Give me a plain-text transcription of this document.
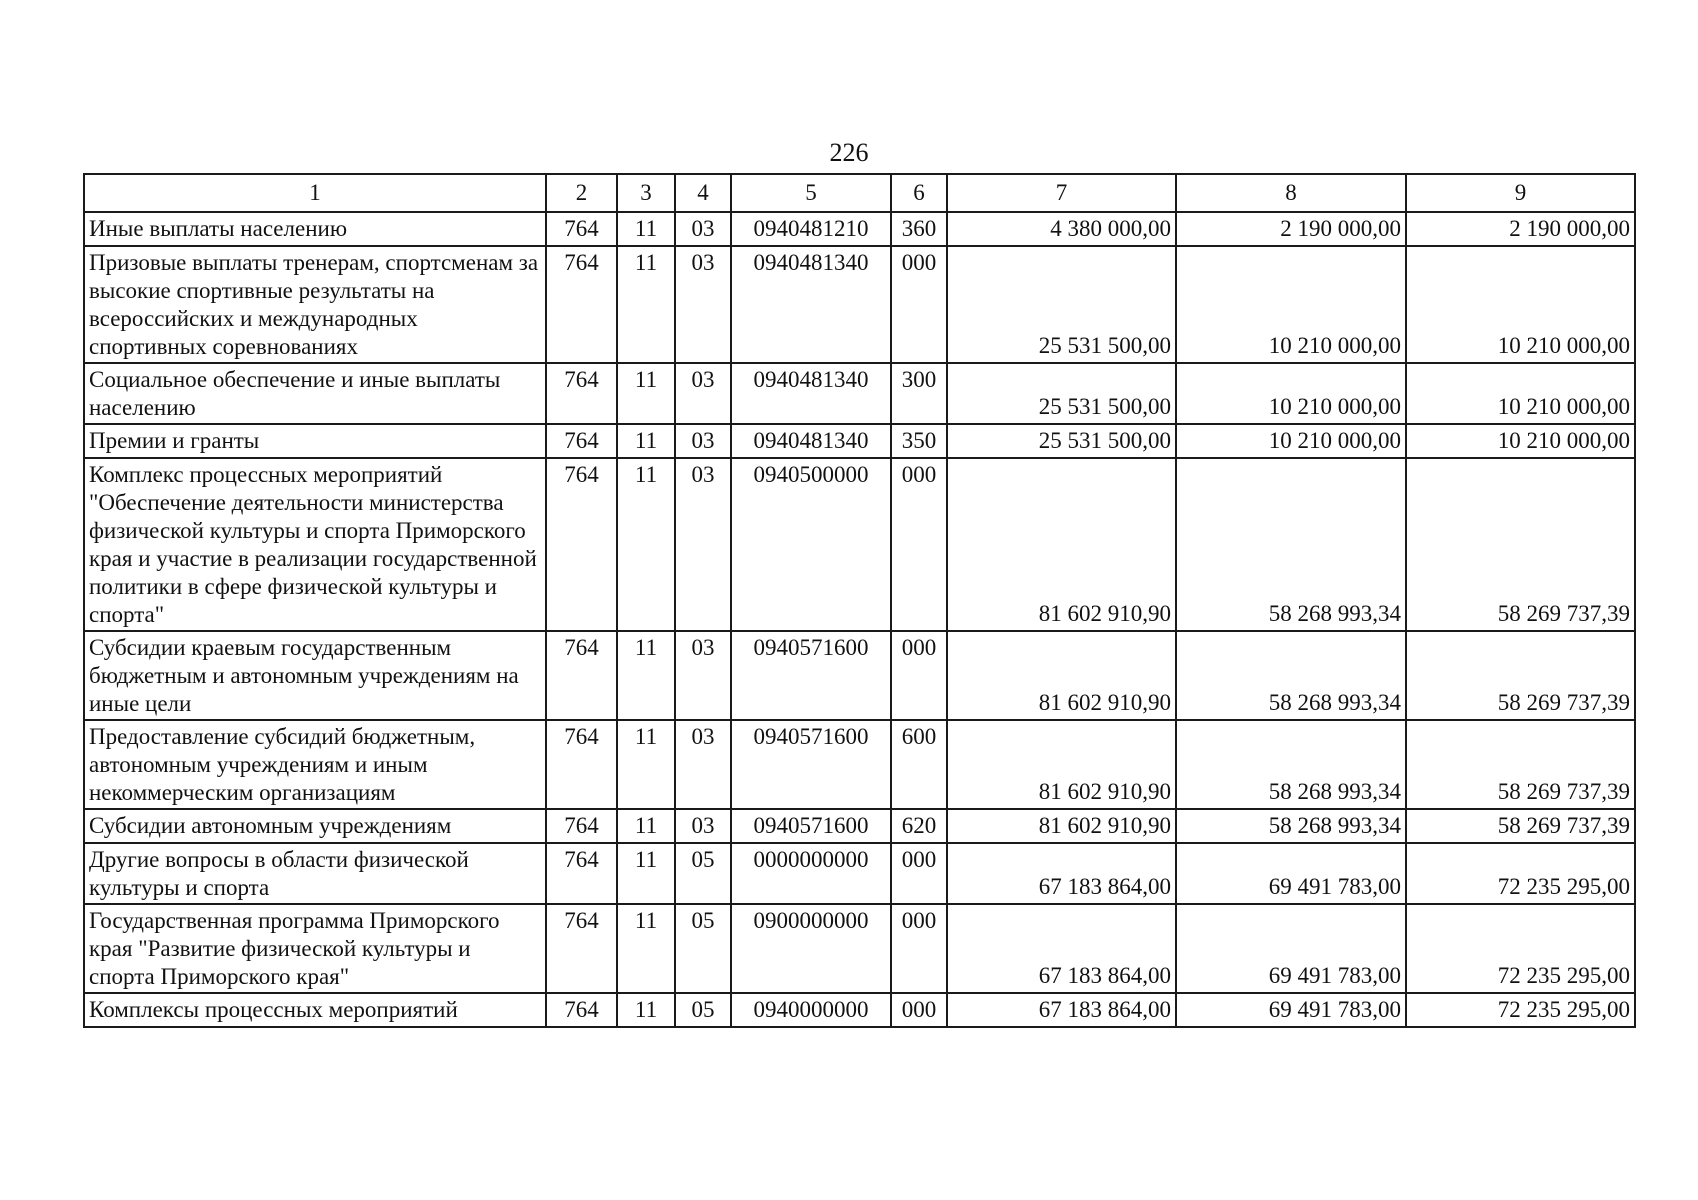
226
1	2	3	4	5	6	7	8	9
Иные выплаты населению	764	11	03	0940481210	360	4 380 000,00	2 190 000,00	2 190 000,00
Призовые выплаты тренерам, спортсменам за высокие спортивные результаты на всероссийских и международных спортивных соревнованиях	764	11	03	0940481340	000	25 531 500,00	10 210 000,00	10 210 000,00
Социальное обеспечение и иные выплаты населению	764	11	03	0940481340	300	25 531 500,00	10 210 000,00	10 210 000,00
Премии и гранты	764	11	03	0940481340	350	25 531 500,00	10 210 000,00	10 210 000,00
Комплекс процессных мероприятий "Обеспечение деятельности министерства физической культуры и спорта Приморского края и участие в реализации государственной политики в сфере физической культуры и спорта"	764	11	03	0940500000	000	81 602 910,90	58 268 993,34	58 269 737,39
Субсидии краевым государственным бюджетным и автономным учреждениям на иные цели	764	11	03	0940571600	000	81 602 910,90	58 268 993,34	58 269 737,39
Предоставление субсидий бюджетным, автономным учреждениям и иным некоммерческим организациям	764	11	03	0940571600	600	81 602 910,90	58 268 993,34	58 269 737,39
Субсидии автономным учреждениям	764	11	03	0940571600	620	81 602 910,90	58 268 993,34	58 269 737,39
Другие вопросы в области физической культуры и спорта	764	11	05	0000000000	000	67 183 864,00	69 491 783,00	72 235 295,00
Государственная программа Приморского края "Развитие физической культуры и спорта Приморского края"	764	11	05	0900000000	000	67 183 864,00	69 491 783,00	72 235 295,00
Комплексы процессных мероприятий	764	11	05	0940000000	000	67 183 864,00	69 491 783,00	72 235 295,00
